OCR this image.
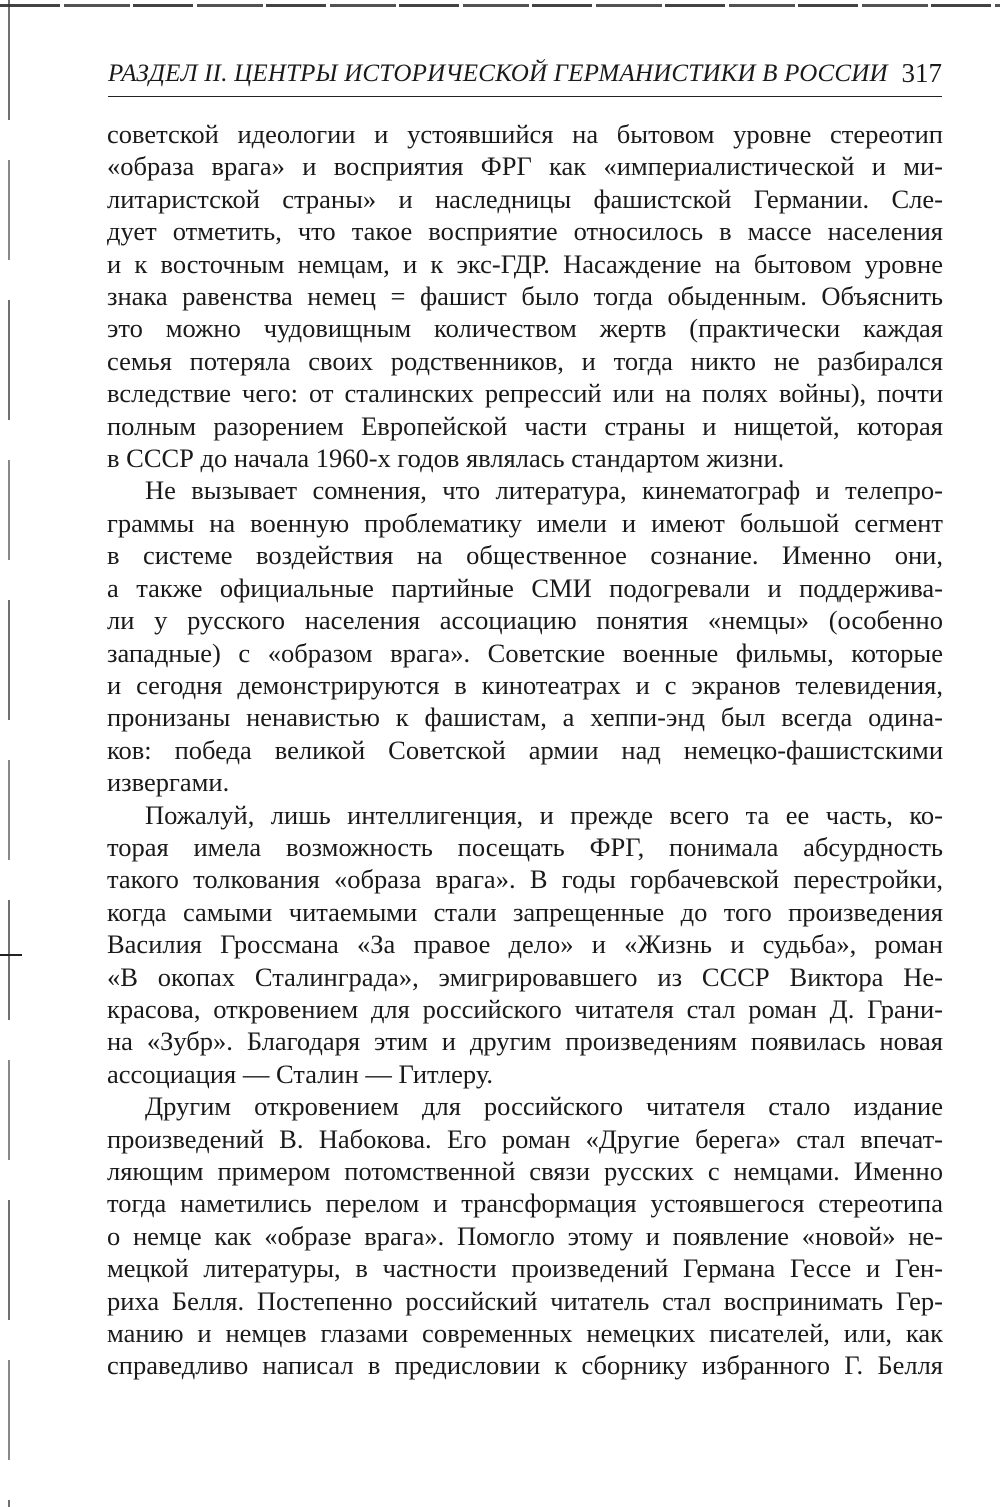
РАЗДЕЛ II. ЦЕНТРЫ ИСТОРИЧЕСКОЙ ГЕРМАНИСТИКИ В РОССИИ 317

советской идеологии и устоявшийся на бытовом уровне стереотип
«образа врага» и восприятия ФРГ как «империалистической и ми-
литаристской страны» и наследницы фашистской Германии. Сле-
дует отметить, что такое восприятие относилось в массе населения
и к восточным немцам, и к экс-ГДР. Насаждение на бытовом уровне
знака равенства немец = фашист было тогда обыденным. Объяснить
это можно чудовищным количеством жертв (практически каждая
семья потеряла своих родственников, и тогда никто не разбирался
вследствие чего: от сталинских репрессий или на полях войны), почти
полным разорением Европейской части страны и нищетой, которая
в СССР до начала 1960-х годов являлась стандартом жизни.

Не вызывает сомнения, что литература, кинематограф и телепро-
граммы на военную проблематику имели и имеют большой сегмент
в системе воздействия на общественное сознание. Именно они,
а также официальные партийные СМИ подогревали и поддержива-
ли у русского населения ассоциацию понятия «немцы» (особенно
западные) с «образом врага». Советские военные фильмы, которые
и сегодня демонстрируются в кинотеатрах и с экранов телевидения,
пронизаны ненавистью к фашистам, а хеппи-энд был всегда одина-
ков: победа великой Советской армии над немецко-фашистскими
извергами.

Пожалуй, лишь интеллигенция, и прежде всего та ее часть, ко-
торая имела возможность посещать ФРГ, понимала абсурдность
такого толкования «образа врага». В годы горбачевской перестройки,
когда самыми читаемыми стали запрещенные до того произведения
Василия Гроссмана «За правое дело» и «Жизнь и судьба», роман
«В окопах Сталинграда», эмигрировавшего из СССР Виктора Не-
красова, откровением для российского читателя стал роман Д. Грани-
на «Зубр». Благодаря этим и другим произведениям появилась новая
ассоциация — Сталин — Гитлеру.

Другим откровением для российского читателя стало издание
произведений В. Набокова. Его роман «Другие берега» стал впечат-
ляющим примером потомственной связи русских с немцами. Именно
тогда наметились перелом и трансформация устоявшегося стереотипа
о немце как «образе врага». Помогло этому и появление «новой» не-
мецкой литературы, в частности произведений Германа Гессе и Ген-
риха Белля. Постепенно российский читатель стал воспринимать Гер-
манию и немцев глазами современных немецких писателей, или, как
справедливо написал в предисловии к сборнику избранного Г. Белля
